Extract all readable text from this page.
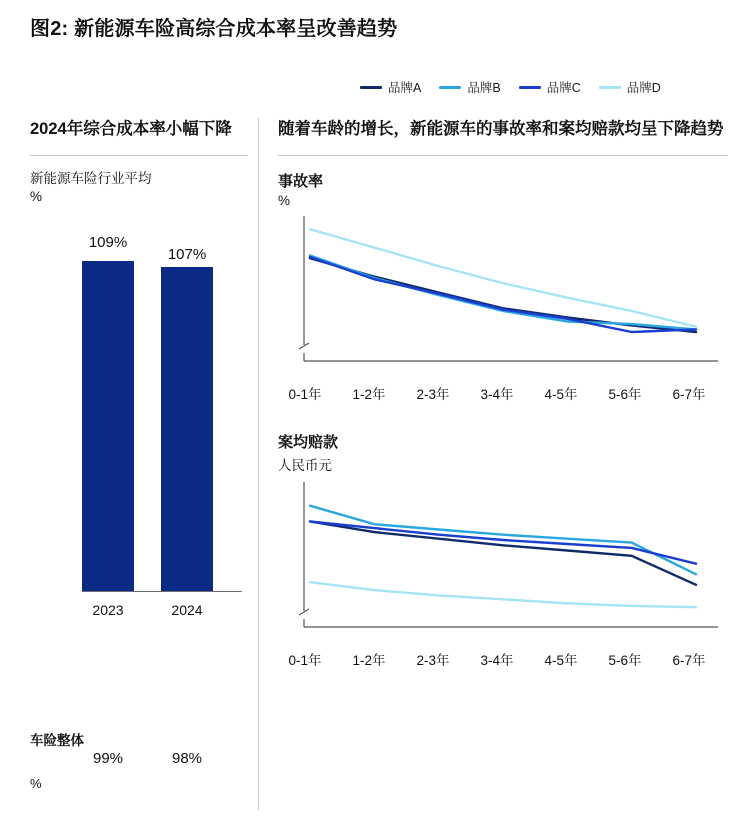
图2: 新能源车险高综合成本率呈改善趋势
品牌A	品牌B	品牌C	品牌D
2024年综合成本率小幅下降
新能源车险行业平均
%
109%
107%
2023	2024
车险整体
%
99%	98%
随着车龄的增长，新能源车的事故率和案均赔款均呈下降趋势
事故率
%
0-1年	1-2年	2-3年	3-4年	4-5年	5-6年	6-7年
案均赔款
人民币元
0-1年	1-2年	2-3年	3-4年	4-5年	5-6年	6-7年
